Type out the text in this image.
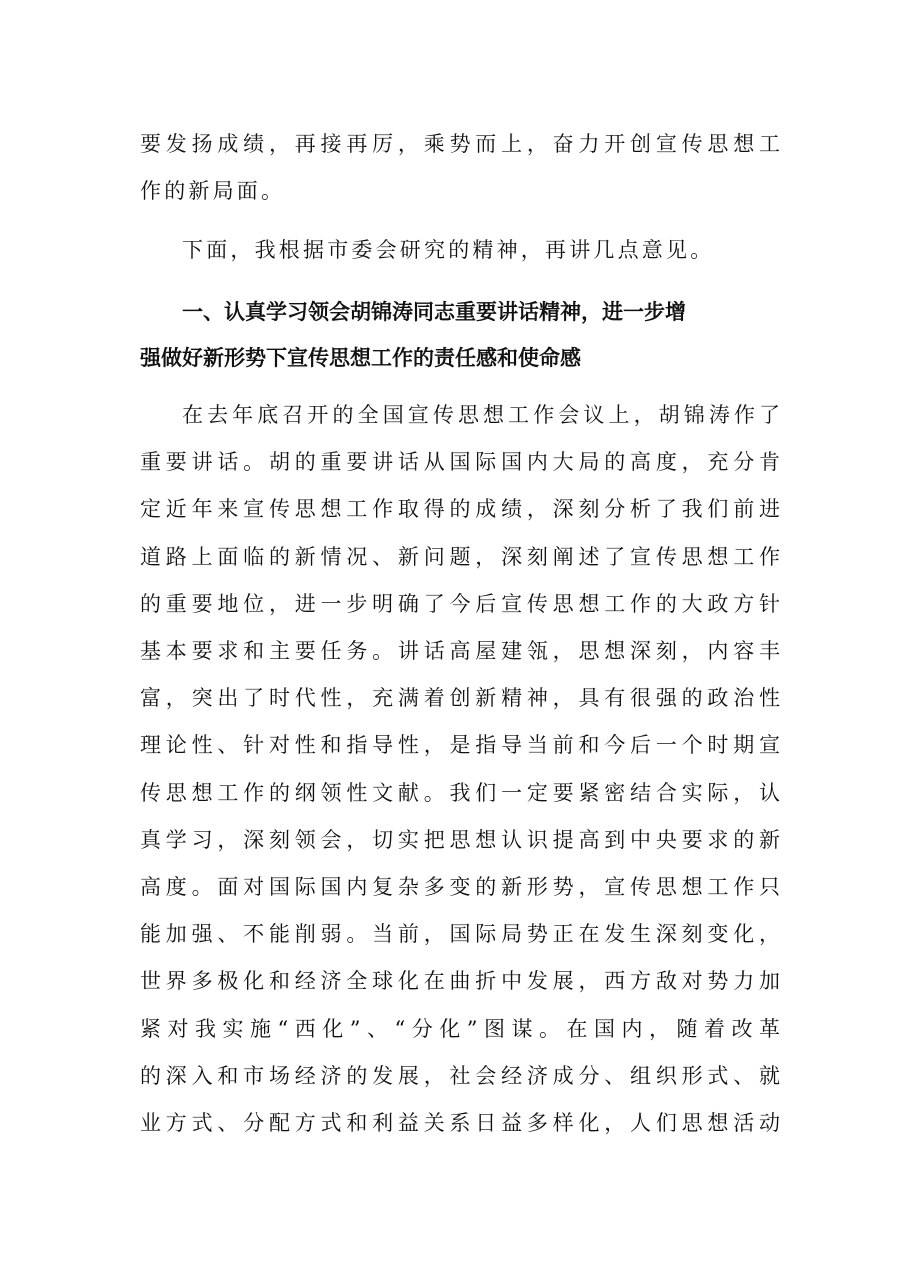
要发扬成绩，再接再厉，乘势而上，奋力开创宣传思想工
作的新局面。
下面，我根据市委会研究的精神，再讲几点意见。
一、认真学习领会胡锦涛同志重要讲话精神，进一步增
强做好新形势下宣传思想工作的责任感和使命感
在去年底召开的全国宣传思想工作会议上，胡锦涛作了
重要讲话。胡的重要讲话从国际国内大局的高度，充分肯
定近年来宣传思想工作取得的成绩，深刻分析了我们前进
道路上面临的新情况、新问题，深刻阐述了宣传思想工作
的重要地位，进一步明确了今后宣传思想工作的大政方针
基本要求和主要任务。讲话高屋建瓴，思想深刻，内容丰
富，突出了时代性，充满着创新精神，具有很强的政治性
理论性、针对性和指导性，是指导当前和今后一个时期宣
传思想工作的纲领性文献。我们一定要紧密结合实际，认
真学习，深刻领会，切实把思想认识提高到中央要求的新
高度。面对国际国内复杂多变的新形势，宣传思想工作只
能加强、不能削弱。当前，国际局势正在发生深刻变化，
世界多极化和经济全球化在曲折中发展，西方敌对势力加
紧对我实施“西化”、“分化”图谋。在国内，随着改革
的深入和市场经济的发展，社会经济成分、组织形式、就
业方式、分配方式和利益关系日益多样化，人们思想活动
